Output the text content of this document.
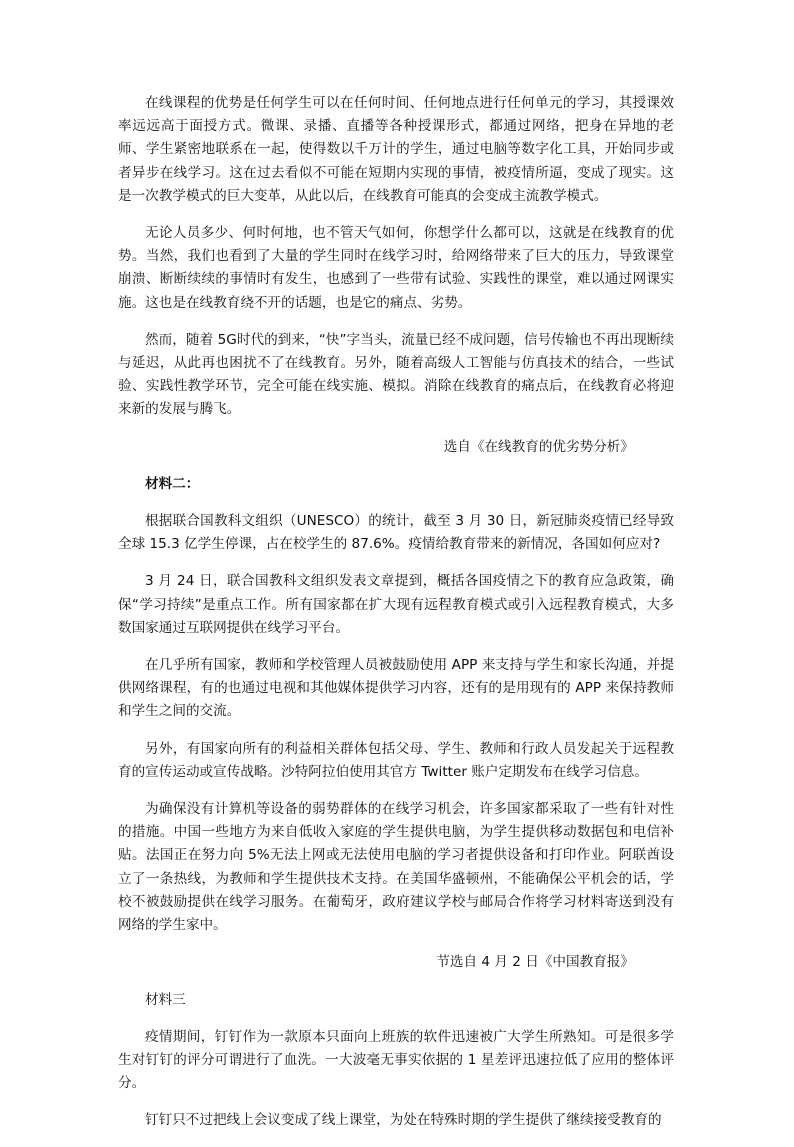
在线课程的优势是任何学生可以在任何时间、任何地点进行任何单元的学习，其授课效率远远高于面授方式。微课、录播、直播等各种授课形式，都通过网络，把身在异地的老师、学生紧密地联系在一起，使得数以千万计的学生，通过电脑等数字化工具，开始同步或者异步在线学习。这在过去看似不可能在短期内实现的事情，被疫情所逼，变成了现实。这是一次教学模式的巨大变革，从此以后，在线教育可能真的会变成主流教学模式。

无论人员多少、何时何地，也不管天气如何，你想学什么都可以，这就是在线教育的优势。当然，我们也看到了大量的学生同时在线学习时，给网络带来了巨大的压力，导致课堂崩溃、断断续续的事情时有发生，也感到了一些带有试验、实践性的课堂，难以通过网课实施。这也是在线教育绕不开的话题，也是它的痛点、劣势。

然而，随着 5G时代的到来，“快”字当头，流量已经不成问题，信号传输也不再出现断续与延迟，从此再也困扰不了在线教育。另外，随着高级人工智能与仿真技术的结合，一些试验、实践性教学环节，完全可能在线实施、模拟。消除在线教育的痛点后，在线教育必将迎来新的发展与腾飞。

选自《在线教育的优劣势分析》

材料二：

根据联合国教科文组织（UNESCO）的统计，截至 3 月 30 日，新冠肺炎疫情已经导致全球 15.3 亿学生停课，占在校学生的 87.6%。疫情给教育带来的新情况，各国如何应对?

3 月 24 日，联合国教科文组织发表文章提到，概括各国疫情之下的教育应急政策，确保“学习持续”是重点工作。所有国家都在扩大现有远程教育模式或引入远程教育模式，大多数国家通过互联网提供在线学习平台。

在几乎所有国家，教师和学校管理人员被鼓励使用 APP 来支持与学生和家长沟通，并提供网络课程，有的也通过电视和其他媒体提供学习内容，还有的是用现有的 APP 来保持教师和学生之间的交流。

另外，有国家向所有的利益相关群体包括父母、学生、教师和行政人员发起关于远程教育的宣传运动或宣传战略。沙特阿拉伯使用其官方 Twitter 账户定期发布在线学习信息。

为确保没有计算机等设备的弱势群体的在线学习机会，许多国家都采取了一些有针对性的措施。中国一些地方为来自低收入家庭的学生提供电脑，为学生提供移动数据包和电信补贴。法国正在努力向 5%无法上网或无法使用电脑的学习者提供设备和打印作业。阿联酋设立了一条热线，为教师和学生提供技术支持。在美国华盛顿州，不能确保公平机会的话，学校不被鼓励提供在线学习服务。在葡萄牙，政府建议学校与邮局合作将学习材料寄送到没有网络的学生家中。

节选自 4 月 2 日《中国教育报》

材料三

疫情期间，钉钉作为一款原本只面向上班族的软件迅速被广大学生所熟知。可是很多学生对钉钉的评分可谓进行了血洗。一大波毫无事实依据的 1 星差评迅速拉低了应用的整体评分。

钉钉只不过把线上会议变成了线上课堂，为处在特殊时期的学生提供了继续接受教育的
